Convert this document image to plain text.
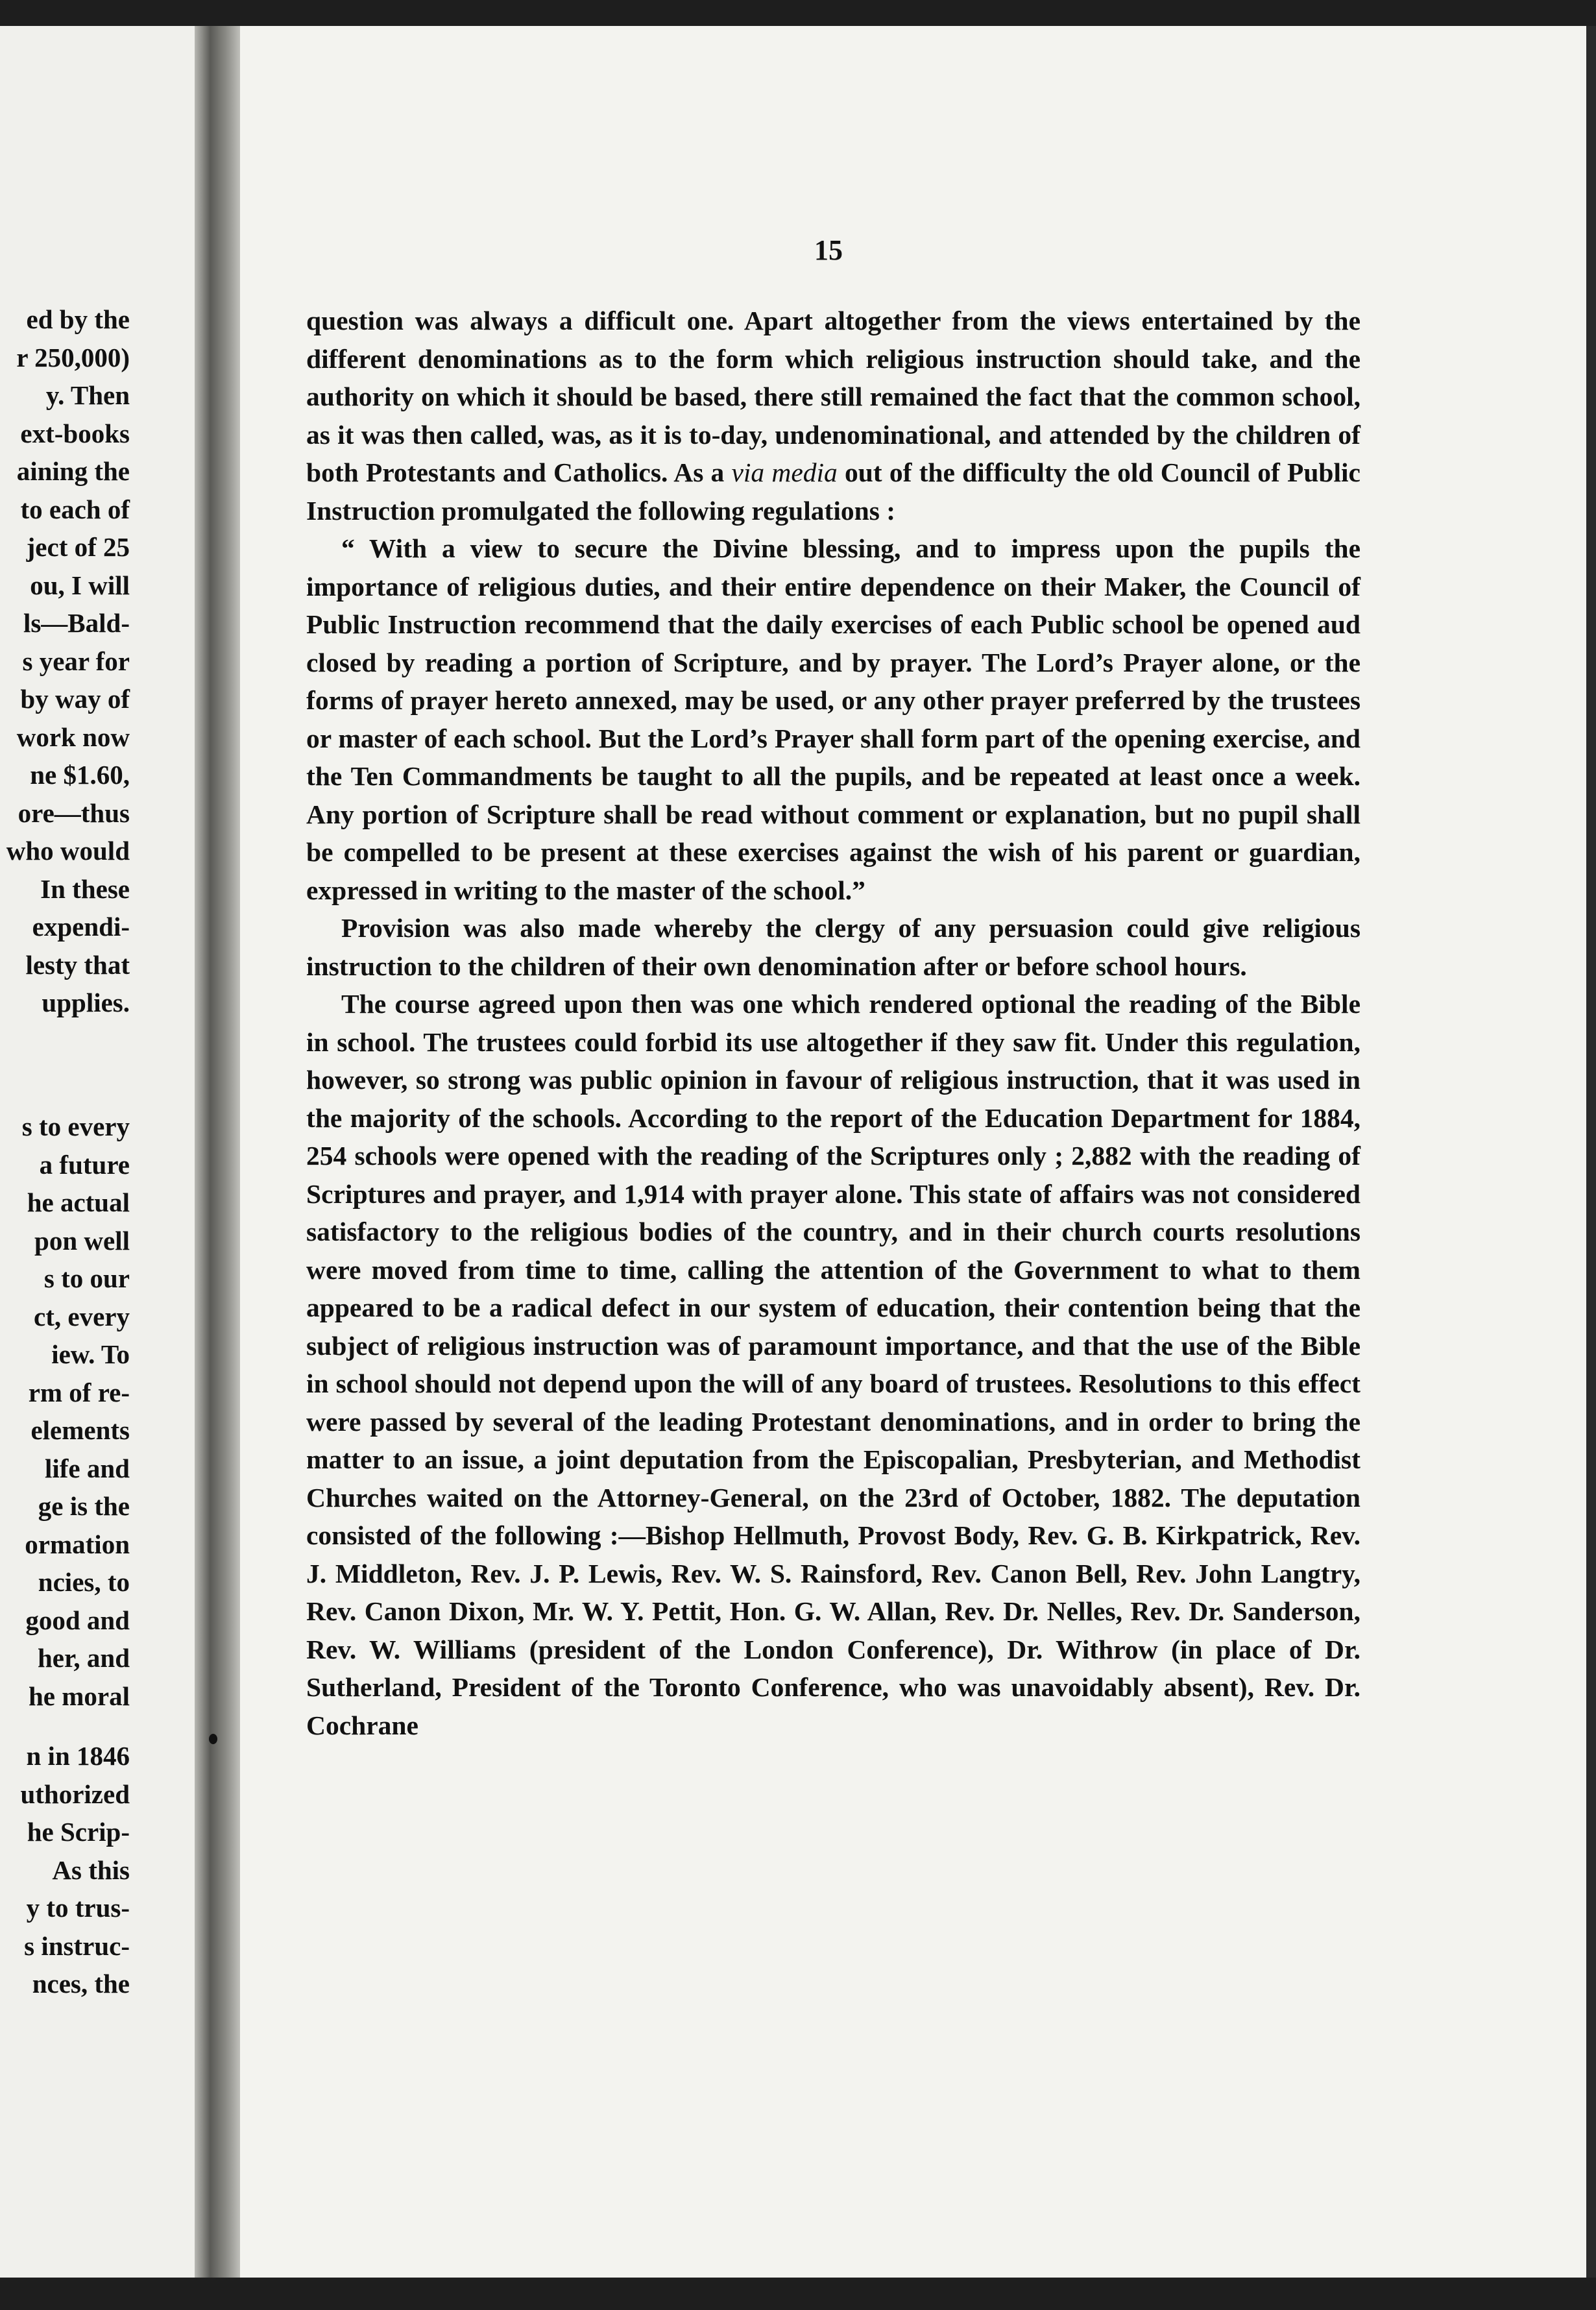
ed by the
r 250,000)
y. Then
ext-books
aining the
to each of
ject of 25
ou, I will
ls—Bald-
s year for
by way of
work now
ne $1.60,
ore—thus
who would
In these
expendi-
lesty that
upplies.
s to every
a future
he actual
pon well
s to our
ct, every
iew. To
rm of re-
elements
life and
ge is the
ormation
ncies, to
good and
her, and
he moral
n in 1846
uthorized
he Scrip-
As this
y to trus-
s instruc-
nces, the
15

question was always a difficult one. Apart altogether from the views entertained by the different denominations as to the form which religious instruction should take, and the authority on which it should be based, there still remained the fact that the common school, as it was then called, was, as it is to-day, undenominational, and attended by the children of both Protestants and Catholics. As a via media out of the difficulty the old Council of Public Instruction promulgated the following regulations :

“ With a view to secure the Divine blessing, and to impress upon the pupils the importance of religious duties, and their entire dependence on their Maker, the Council of Public Instruction recommend that the daily exercises of each Public school be opened aud closed by reading a portion of Scripture, and by prayer. The Lord’s Prayer alone, or the forms of prayer hereto annexed, may be used, or any other prayer preferred by the trustees or master of each school. But the Lord’s Prayer shall form part of the opening exercise, and the Ten Commandments be taught to all the pupils, and be repeated at least once a week. Any portion of Scripture shall be read without comment or explanation, but no pupil shall be compelled to be present at these exercises against the wish of his parent or guardian, expressed in writing to the master of the school.”

Provision was also made whereby the clergy of any persuasion could give religious instruction to the children of their own denomination after or before school hours.

The course agreed upon then was one which rendered optional the reading of the Bible in school. The trustees could forbid its use altogether if they saw fit. Under this regulation, however, so strong was public opinion in favour of religious instruction, that it was used in the majority of the schools. According to the report of the Education Department for 1884, 254 schools were opened with the reading of the Scriptures only ; 2,882 with the reading of Scriptures and prayer, and 1,914 with prayer alone. This state of affairs was not considered satisfactory to the religious bodies of the country, and in their church courts resolutions were moved from time to time, calling the attention of the Government to what to them appeared to be a radical defect in our system of education, their contention being that the subject of religious instruction was of paramount importance, and that the use of the Bible in school should not depend upon the will of any board of trustees. Resolutions to this effect were passed by several of the leading Protestant denominations, and in order to bring the matter to an issue, a joint deputation from the Episcopalian, Presbyterian, and Methodist Churches waited on the Attorney-General, on the 23rd of October, 1882. The deputation consisted of the following :—Bishop Hellmuth, Provost Body, Rev. G. B. Kirkpatrick, Rev. J. Middleton, Rev. J. P. Lewis, Rev. W. S. Rainsford, Rev. Canon Bell, Rev. John Langtry, Rev. Canon Dixon, Mr. W. Y. Pettit, Hon. G. W. Allan, Rev. Dr. Nelles, Rev. Dr. Sanderson, Rev. W. Williams (president of the London Conference), Dr. Withrow (in place of Dr. Sutherland, President of the Toronto Conference, who was unavoidably absent), Rev. Dr. Cochrane
